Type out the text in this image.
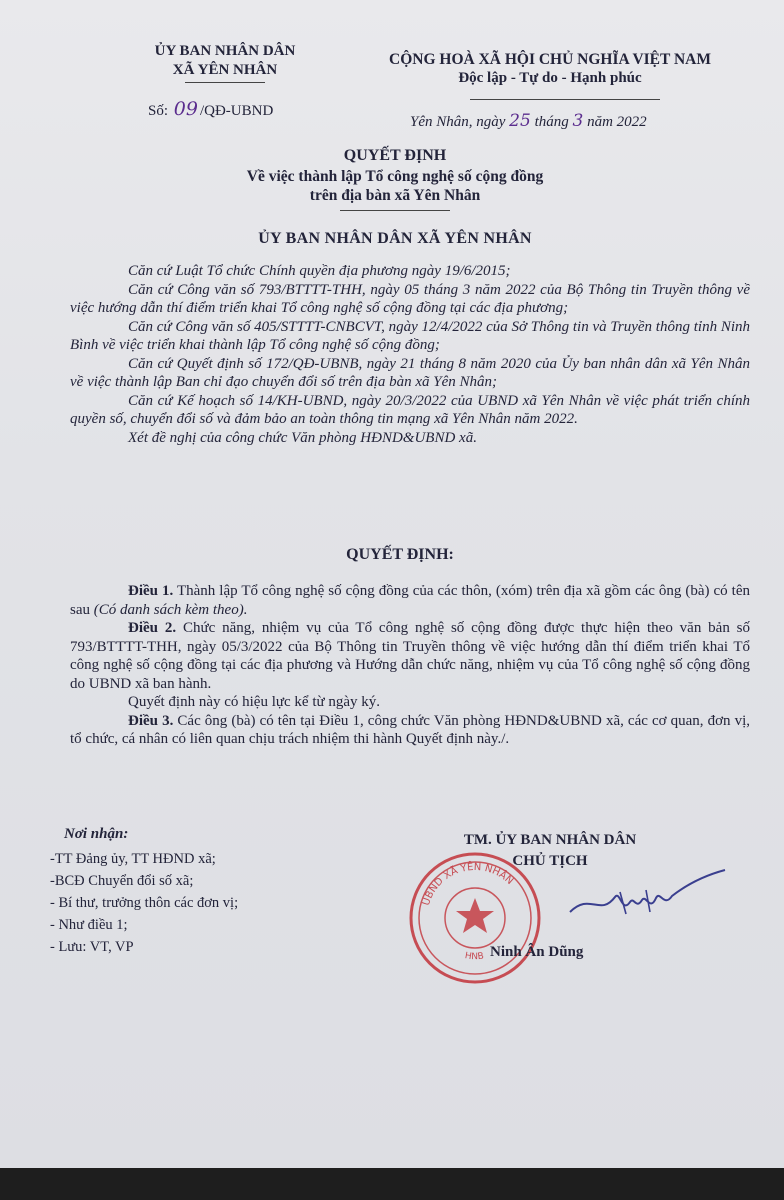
ỦY BAN NHÂN DÂN
XÃ YÊN NHÂN
CỘNG HOÀ XÃ HỘI CHỦ NGHĨA VIỆT NAM
Độc lập - Tự do - Hạnh phúc
Số: 09 /QĐ-UBND
Yên Nhân, ngày 25 tháng 3 năm 2022
QUYẾT ĐỊNH
Về việc thành lập Tổ công nghệ số cộng đồng
trên địa bàn xã Yên Nhân
ỦY BAN NHÂN DÂN XÃ YÊN NHÂN

Căn cứ Luật Tổ chức Chính quyền địa phương ngày 19/6/2015;

Căn cứ Công văn số 793/BTTTT-THH, ngày 05 tháng 3 năm 2022 của Bộ Thông tin Truyền thông về việc hướng dẫn thí điểm triển khai Tổ công nghệ số cộng đồng tại các địa phương;

Căn cứ Công văn số 405/STTTT-CNBCVT, ngày 12/4/2022 của Sở Thông tin và Truyền thông tỉnh Ninh Bình về việc triển khai thành lập Tổ công nghệ số cộng đồng;

Căn cứ Quyết định số 172/QĐ-UBNB, ngày 21 tháng 8 năm 2020 của Ủy ban nhân dân xã Yên Nhân về việc thành lập Ban chỉ đạo chuyển đổi số trên địa bàn xã Yên Nhân;

Căn cứ Kế hoạch số 14/KH-UBND, ngày 20/3/2022 của UBND xã Yên Nhân về việc phát triển chính quyền số, chuyển đổi số và đảm bảo an toàn thông tin mạng xã Yên Nhân năm 2022.

Xét đề nghị của công chức Văn phòng HĐND&UBND xã.

QUYẾT ĐỊNH:

Điều 1. Thành lập Tổ công nghệ số cộng đồng của các thôn, (xóm) trên địa xã gồm các ông (bà) có tên sau (Có danh sách kèm theo).

Điều 2. Chức năng, nhiệm vụ của Tổ công nghệ số cộng đồng được thực hiện theo văn bản số 793/BTTTT-THH, ngày 05/3/2022 của Bộ Thông tin Truyền thông về việc hướng dẫn thí điểm triển khai Tổ công nghệ số cộng đồng tại các địa phương và Hướng dẫn chức năng, nhiệm vụ của Tổ công nghệ số cộng đồng do UBND xã ban hành.

Quyết định này có hiệu lực kể từ ngày ký.

Điều 3. Các ông (bà) có tên tại Điều 1, công chức Văn phòng HĐND&UBND xã, các cơ quan, đơn vị, tổ chức, cá nhân có liên quan chịu trách nhiệm thi hành Quyết định này./.

Nơi nhận:
-TT Đảng ủy, TT HĐND xã;
-BCĐ Chuyển đổi số xã;
- Bí thư, trưởng thôn các đơn vị;
- Như điều 1;
- Lưu: VT, VP
TM. ỦY BAN NHÂN DÂN
CHỦ TỊCH
UBND XÃ YÊN NHÂN
HNB Ninh Ân Dũng
